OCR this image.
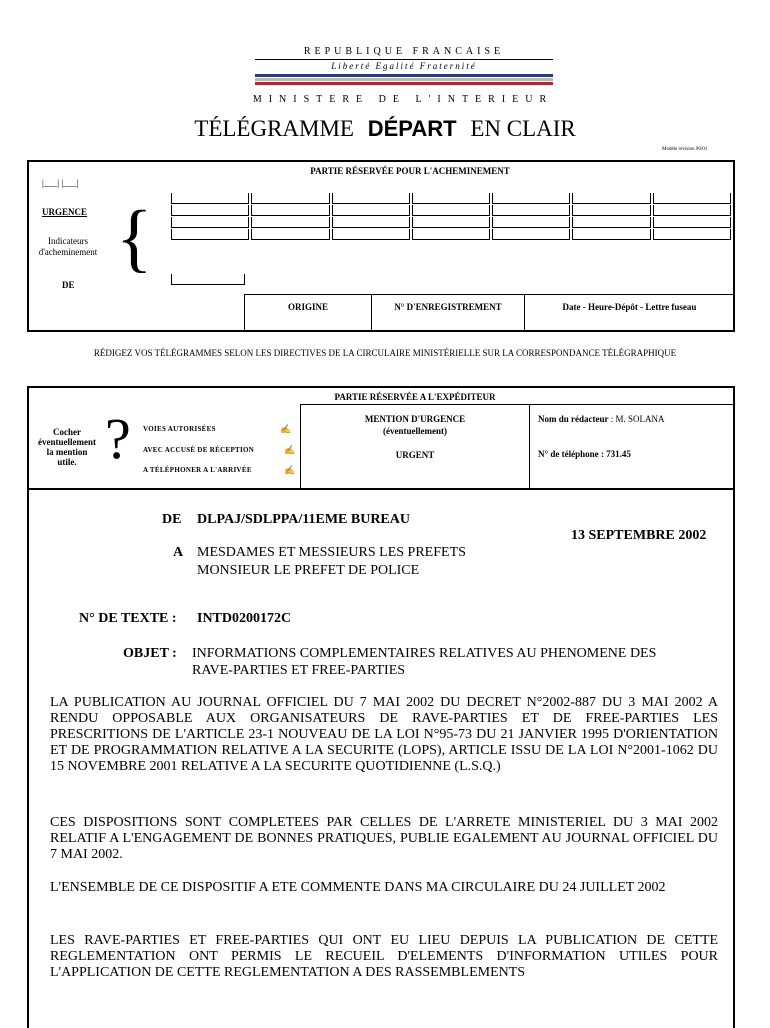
REPUBLIQUE FRANCAISE
Liberté Egalité Fraternité
MINISTERE DE L'INTERIEUR
TÉLÉGRAMME DÉPART EN CLAIR
Modèle révision 96/01
PARTIE RÉSERVÉE POUR L'ACHEMINEMENT
|___| |___|
URGENCE
Indicateurs
d'acheminement
DE
{
ORIGINE	N° D'ENREGISTREMENT	Date - Heure-Dépôt - Lettre fuseau
RÉDIGEZ VOS TÉLÉGRAMMES SELON LES DIRECTIVES DE LA CIRCULAIRE MINISTÉRIELLE SUR LA CORRESPONDANCE TÉLÉGRAPHIQUE
PARTIE RÉSERVÉE A L'EXPÉDITEUR
Cocher
éventuellement
la mention
utile. ? VOIES AUTORISÉES	✍
AVEC ACCUSÉ DE RÉCEPTION	✍
A TÉLÉPHONER A L'ARRIVÉE	✍
MENTION D'URGENCE
(éventuellement)
URGENT
Nom du rédacteur : M. SOLANA
N° de téléphone : 731.45
DE DLPAJ/SDLPPA/11EME BUREAU
13 SEPTEMBRE 2002
A MESDAMES ET MESSIEURS LES PREFETS
MONSIEUR LE PREFET DE POLICE
N° DE TEXTE : INTD0200172C
OBJET : INFORMATIONS COMPLEMENTAIRES RELATIVES AU PHENOMENE DES
RAVE-PARTIES ET FREE-PARTIES
LA PUBLICATION AU JOURNAL OFFICIEL DU 7 MAI 2002 DU DECRET N°2002-887 DU 3 MAI 2002 A RENDU OPPOSABLE AUX ORGANISATEURS DE RAVE-PARTIES ET DE FREE-PARTIES LES PRESCRITIONS DE L'ARTICLE 23-1 NOUVEAU DE LA LOI N°95-73 DU 21 JANVIER 1995 D'ORIENTATION ET DE PROGRAMMATION RELATIVE A LA SECURITE (LOPS), ARTICLE ISSU DE LA LOI N°2001-1062 DU 15 NOVEMBRE 2001 RELATIVE A LA SECURITE QUOTIDIENNE (L.S.Q.)
CES DISPOSITIONS SONT COMPLETEES PAR CELLES DE L'ARRETE MINISTERIEL DU 3 MAI 2002 RELATIF A L'ENGAGEMENT DE BONNES PRATIQUES, PUBLIE EGALEMENT AU JOURNAL OFFICIEL DU 7 MAI 2002.
L'ENSEMBLE DE CE DISPOSITIF A ETE COMMENTE DANS MA CIRCULAIRE DU 24 JUILLET 2002
LES RAVE-PARTIES ET FREE-PARTIES QUI ONT EU LIEU DEPUIS LA PUBLICATION DE CETTE REGLEMENTATION ONT PERMIS LE RECUEIL D'ELEMENTS D'INFORMATION UTILES POUR L'APPLICATION DE CETTE REGLEMENTATION A DES RASSEMBLEMENTS
